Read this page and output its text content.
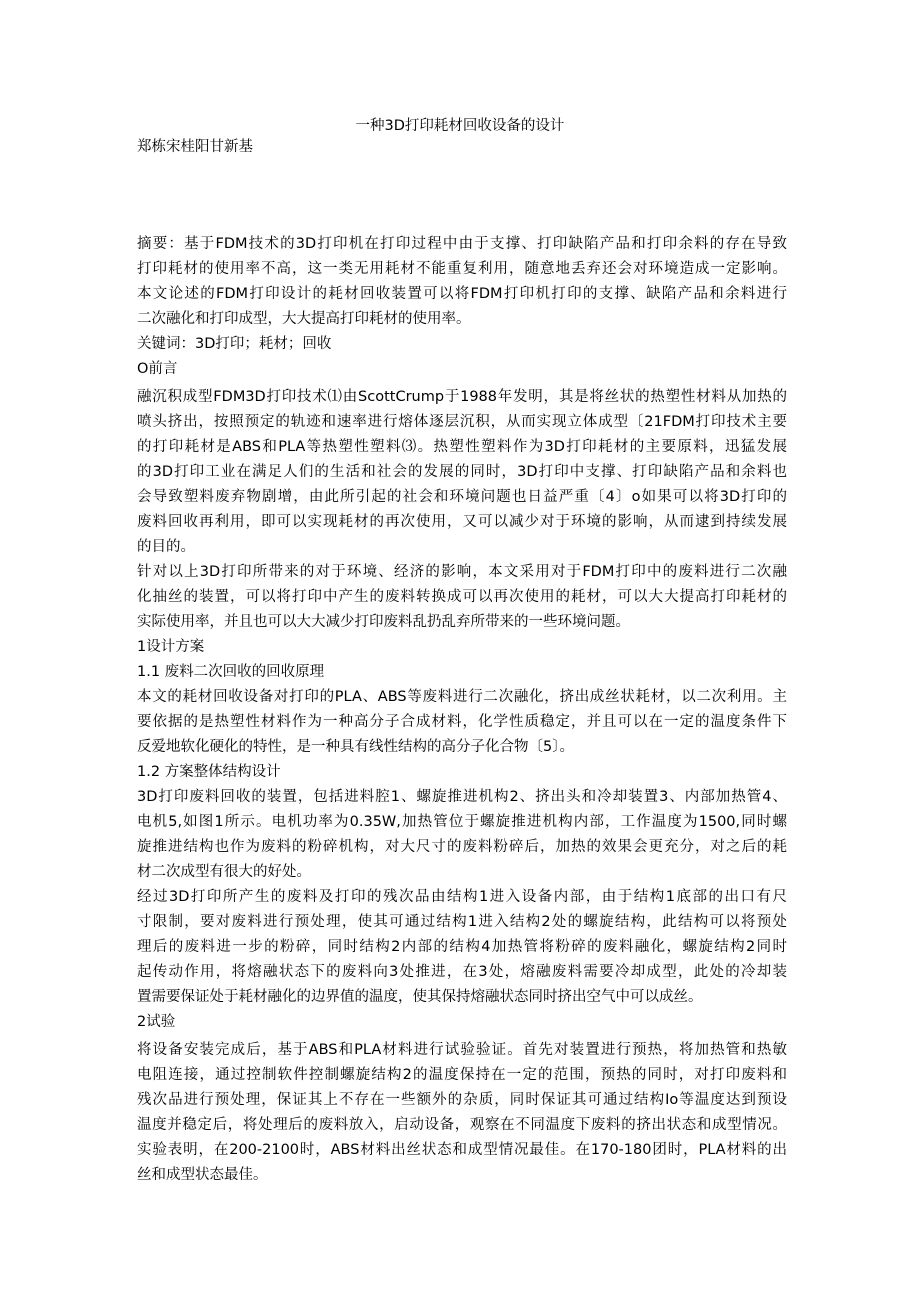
一种3D打印耗材回收设备的设计
郑栋宋桂阳甘新基
摘要：基于FDM技术的3D打印机在打印过程中由于支撑、打印缺陷产品和打印余料的存在导致
打印耗材的使用率不高，这一类无用耗材不能重复利用，随意地丢弃还会对环境造成一定影响。
本文论述的FDM打印设计的耗材回收装置可以将FDM打印机打印的支撑、缺陷产品和余料进行
二次融化和打印成型，大大提高打印耗材的使用率。
关键词：3D打印；耗材；回收
O前言
融沉积成型FDM3D打印技术⑴由ScottCrump于1988年发明，其是将丝状的热塑性材料从加热的
喷头挤出，按照预定的轨迹和速率进行熔体逐层沉积，从而实现立体成型〔21FDM打印技术主要
的打印耗材是ABS和PLA等热塑性塑料⑶。热塑性塑料作为3D打印耗材的主要原料，迅猛发展
的3D打印工业在满足人们的生活和社会的发展的同时，3D打印中支撑、打印缺陷产品和余料也
会导致塑料废弃物剧增，由此所引起的社会和环境问题也日益严重〔4〕o如果可以将3D打印的
废料回收再利用，即可以实现耗材的再次使用，又可以减少对于环境的影响，从而逮到持续发展
的目的。
针对以上3D打印所带来的对于环境、经济的影响，本文采用对于FDM打印中的废料进行二次融
化抽丝的装置，可以将打印中产生的废料转换成可以再次使用的耗材，可以大大提高打印耗材的
实际使用率，并且也可以大大减少打印废料乱扔乱弃所带来的一些环境问题。
1设计方案
1.1 废料二次回收的回收原理
本文的耗材回收设备对打印的PLA、ABS等废料进行二次融化，挤出成丝状耗材，以二次利用。主
要依据的是热塑性材料作为一种高分子合成材料，化学性质稳定，并且可以在一定的温度条件下
反爱地软化硬化的特性，是一种具有线性结构的高分子化合物〔5〕。
1.2 方案整体结构设计
3D打印废料回收的装置，包括进料腔1、螺旋推进机构2、挤出头和冷却装置3、内部加热管4、
电机5,如图1所示。电机功率为0.35W,加热管位于螺旋推进机构内部，工作温度为1500,同时螺
旋推进结构也作为废料的粉碎机构，对大尺寸的废料粉碎后，加热的效果会更充分，对之后的耗
材二次成型有很大的好处。
经过3D打印所产生的废料及打印的残次品由结构1进入设备内部，由于结构1底部的出口有尺
寸限制，要对废料进行预处理，使其可通过结构1进入结构2处的螺旋结构，此结构可以将预处
理后的废料进一步的粉碎，同时结构2内部的结构4加热管将粉碎的废料融化，螺旋结构2同时
起传动作用，将熔融状态下的废料向3处推进，在3处，熔融废料需要冷却成型，此处的冷却装
置需要保证处于耗材融化的边界值的温度，使其保持熔融状态同时挤出空气中可以成丝。
2试验
将设备安装完成后，基于ABS和PLA材料进行试验验证。首先对装置进行预热，将加热管和热敏
电阻连接，通过控制软件控制螺旋结构2的温度保持在一定的范围，预热的同时，对打印废料和
残次品进行预处理，保证其上不存在一些额外的杂质，同时保证其可通过结构Io等温度达到预设
温度并稳定后，将处理后的废料放入，启动设备，观察在不同温度下废料的挤出状态和成型情况。
实验表明，在200-2100时，ABS材料出丝状态和成型情况最佳。在170-180团时，PLA材料的出
丝和成型状态最佳。
